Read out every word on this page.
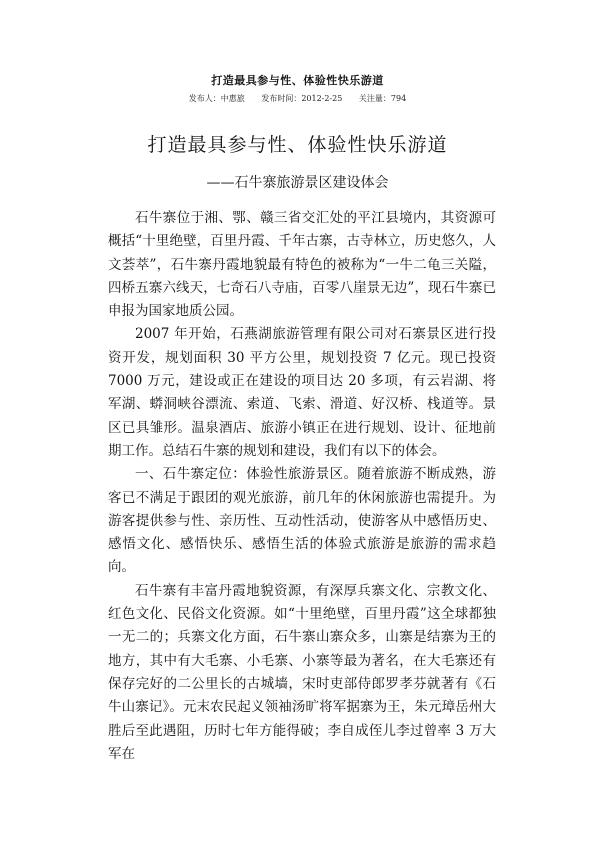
打造最具参与性、体验性快乐游道
发布人：中惠旅 发布时间：2012-2-25 关注量：794
打造最具参与性、体验性快乐游道
——石牛寨旅游景区建设体会

石牛寨位于湘、鄂、赣三省交汇处的平江县境内，其资源可概括“十里绝壁，百里丹霞、千年古寨，古寺林立，历史悠久，人文荟萃”，石牛寨丹霞地貌最有特色的被称为“一牛二龟三关隘，四桥五寨六线天，七奇石八寺庙，百零八崖景无边”，现石牛寨已申报为国家地质公园。

2007 年开始，石燕湖旅游管理有限公司对石寨景区进行投资开发，规划面积 30 平方公里，规划投资 7 亿元。现已投资 7000 万元，建设或正在建设的项目达 20 多项，有云岩湖、将军湖、蟒洞峡谷漂流、索道、飞索、滑道、好汉桥、栈道等。景区已具雏形。温泉酒店、旅游小镇正在进行规划、设计、征地前期工作。总结石牛寨的规划和建设，我们有以下的体会。

一、石牛寨定位：体验性旅游景区。随着旅游不断成熟，游客已不满足于跟团的观光旅游，前几年的休闲旅游也需提升。为游客提供参与性、亲历性、互动性活动，使游客从中感悟历史、感悟文化、感悟快乐、感悟生活的体验式旅游是旅游的需求趋向。

石牛寨有丰富丹霞地貌资源，有深厚兵寨文化、宗教文化、红色文化、民俗文化资源。如“十里绝壁，百里丹霞”这全球都独一无二的；兵寨文化方面，石牛寨山寨众多，山寨是结寨为王的地方，其中有大毛寨、小毛寨、小寨等最为著名，在大毛寨还有保存完好的二公里长的古城墙，宋时吏部侍郎罗孝芬就著有《石牛山寨记》。元末农民起义领袖汤旷将军据寨为王，朱元璋岳州大胜后至此遇阻，历时七年方能得破；李自成侄儿李过曾率 3 万大军在
